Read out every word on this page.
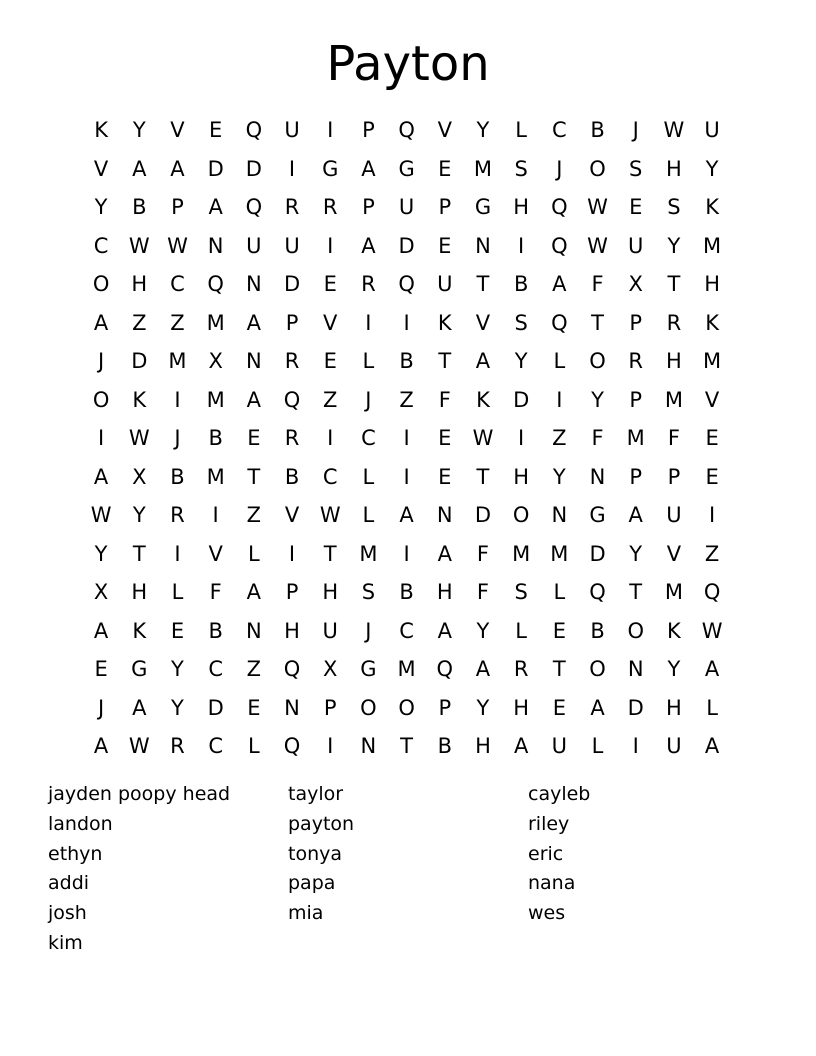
Payton
K	Y	V	E	Q	U	I	P	Q	V	Y	L	C	B	J	W U
V	A	A	D	D	I	G	A	G	E	M	S	J	O	S	H	Y
Y	B	P	A	Q	R	R	P	U	P	G	H	Q W	E	S	K
C W W N	U	U	I	A	D	E	N	I	Q W U	Y	M
O	H	C	Q	N	D	E	R	Q	U	T	B	A	F	X	T	H
A	Z	Z	M	A	P	V	I	I	K	V	S	Q	T	P	R	K
J	D	M	X	N	R	E	L	B	T	A	Y	L	O	R	H	M
O	K	I	M	A	Q	Z	J	Z	F	K	D	I	Y	P	M	V
I	W	J	B	E	R	I	C	I	E	W	I	Z	F	M	F	E
A	X	B	M	T	B	C	L	I	E	T	H	Y	N	P	P	E
W	Y	R	I	Z	V W	L	A	N	D	O	N	G	A	U	I
Y	T	I	V	L	I	T	M	I	A	F	M M	D	Y	V	Z
X	H	L	F	A	P	H	S	B	H	F	S	L	Q	T	M Q
A	K	E	B	N	H	U	J	C	A	Y	L	E	B	O	K W
E	G	Y	C	Z	Q	X	G M Q	A	R	T	O	N	Y	A
J	A	Y	D	E	N	P	O	O	P	Y	H	E	A	D	H	L
A W R	C	L	Q	I	N	T	B	H	A	U	L	I	U	A
jayden poopy head
landon
ethyn
addi
josh
kim
taylor
payton
tonya
papa
mia
cayleb
riley
eric
nana
wes
